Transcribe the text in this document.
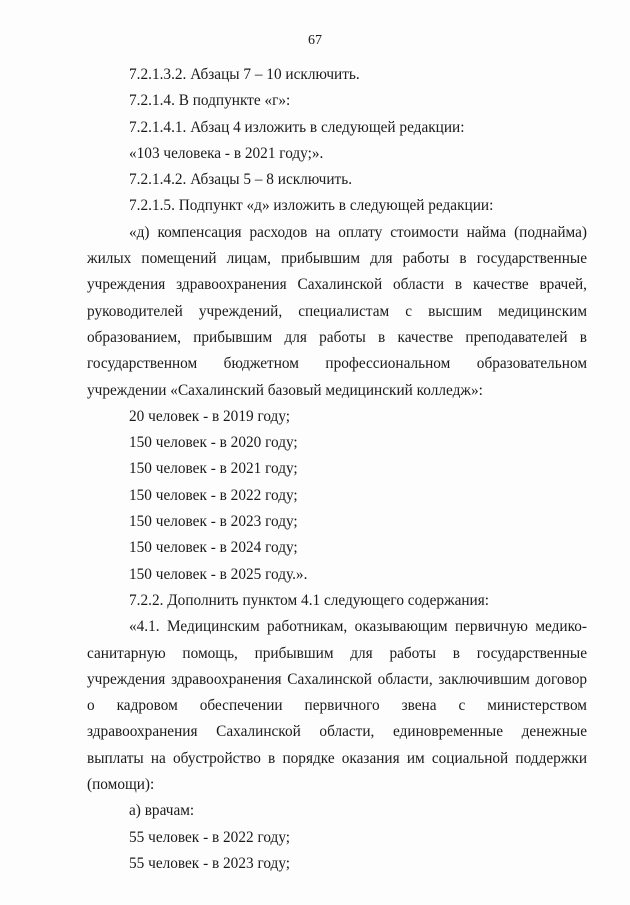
67

7.2.1.3.2. Абзацы 7 – 10 исключить.

7.2.1.4. В подпункте «г»:

7.2.1.4.1. Абзац 4 изложить в следующей редакции:

«103 человека - в 2021 году;».

7.2.1.4.2. Абзацы 5 – 8 исключить.

7.2.1.5. Подпункт «д» изложить в следующей редакции:

«д) компенсация расходов на оплату стоимости найма (поднайма) жилых помещений лицам, прибывшим для работы в государственные учреждения здравоохранения Сахалинской области в качестве врачей, руководителей учреждений, специалистам с высшим медицинским образованием, прибывшим для работы в качестве преподавателей в государственном бюджетном профессиональном образовательном учреждении «Сахалинский базовый медицинский колледж»:

20 человек - в 2019 году;

150 человек - в 2020 году;

150 человек - в 2021 году;

150 человек - в 2022 году;

150 человек - в 2023 году;

150 человек - в 2024 году;

150 человек - в 2025 году.».

7.2.2. Дополнить пунктом 4.1 следующего содержания:

«4.1. Медицинским работникам, оказывающим первичную медико-санитарную помощь, прибывшим для работы в государственные учреждения здравоохранения Сахалинской области, заключившим договор о кадровом обеспечении первичного звена с министерством здравоохранения Сахалинской области, единовременные денежные выплаты на обустройство в порядке оказания им социальной поддержки (помощи):

а) врачам:

55 человек - в 2022 году;

55 человек - в 2023 году;
